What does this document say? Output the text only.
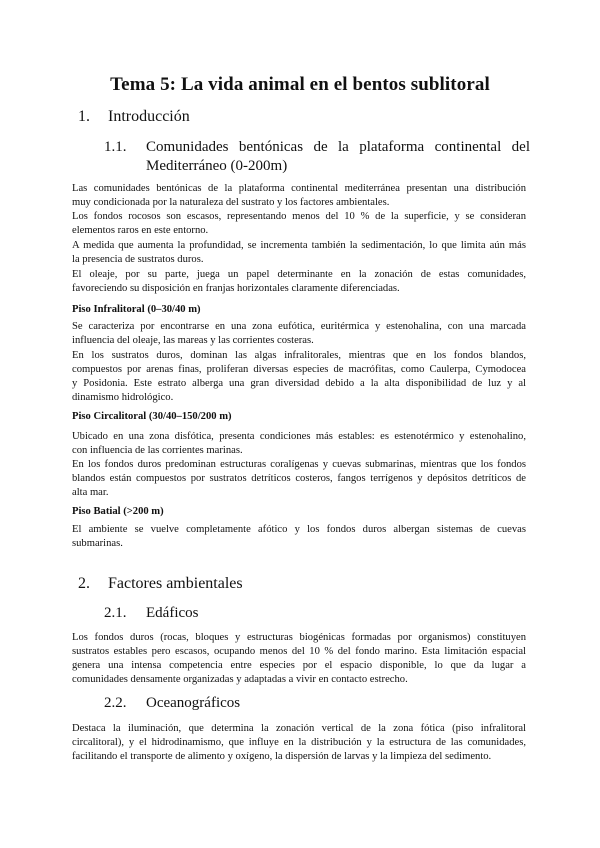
Tema 5: La vida animal en el bentos sublitoral
1. Introducción
1.1.	Comunidades bentónicas de la plataforma continental del Mediterráneo (0-200m)
Las comunidades bentónicas de la plataforma continental mediterránea presentan una distribución
muy condicionada por la naturaleza del sustrato y los factores ambientales.
Los fondos rocosos son escasos, representando menos del 10 % de la superficie, y se consideran
elementos raros en este entorno.
A medida que aumenta la profundidad, se incrementa también la sedimentación, lo que limita aún más
la presencia de sustratos duros.
El oleaje, por su parte, juega un papel determinante en la zonación de estas comunidades,
favoreciendo su disposición en franjas horizontales claramente diferenciadas.
Piso Infralitoral (0–30/40 m)
Se caracteriza por encontrarse en una zona eufótica, euritérmica y estenohalina, con una marcada
influencia del oleaje, las mareas y las corrientes costeras.
En los sustratos duros, dominan las algas infralitorales, mientras que en los fondos blandos,
compuestos por arenas finas, proliferan diversas especies de macrófitas, como Caulerpa, Cymodocea
y Posidonia. Este estrato alberga una gran diversidad debido a la alta disponibilidad de luz y al
dinamismo hidrológico.
Piso Circalitoral (30/40–150/200 m)
Ubicado en una zona disfótica, presenta condiciones más estables: es estenotérmico y estenohalino,
con influencia de las corrientes marinas.
En los fondos duros predominan estructuras coralígenas y cuevas submarinas, mientras que los fondos
blandos están compuestos por sustratos detríticos costeros, fangos terrígenos y depósitos detríticos de
alta mar.
Piso Batial (>200 m)
El ambiente se vuelve completamente afótico y los fondos duros albergan sistemas de cuevas
submarinas.
2. Factores ambientales
2.1.	Edáficos
Los fondos duros (rocas, bloques y estructuras biogénicas formadas por organismos) constituyen
sustratos estables pero escasos, ocupando menos del 10 % del fondo marino. Esta limitación espacial
genera una intensa competencia entre especies por el espacio disponible, lo que da lugar a
comunidades densamente organizadas y adaptadas a vivir en contacto estrecho.
2.2.	Oceanográficos
Destaca la iluminación, que determina la zonación vertical de la zona fótica (piso infralitoral
circalitoral), y el hidrodinamismo, que influye en la distribución y la estructura de las comunidades,
facilitando el transporte de alimento y oxígeno, la dispersión de larvas y la limpieza del sedimento.
